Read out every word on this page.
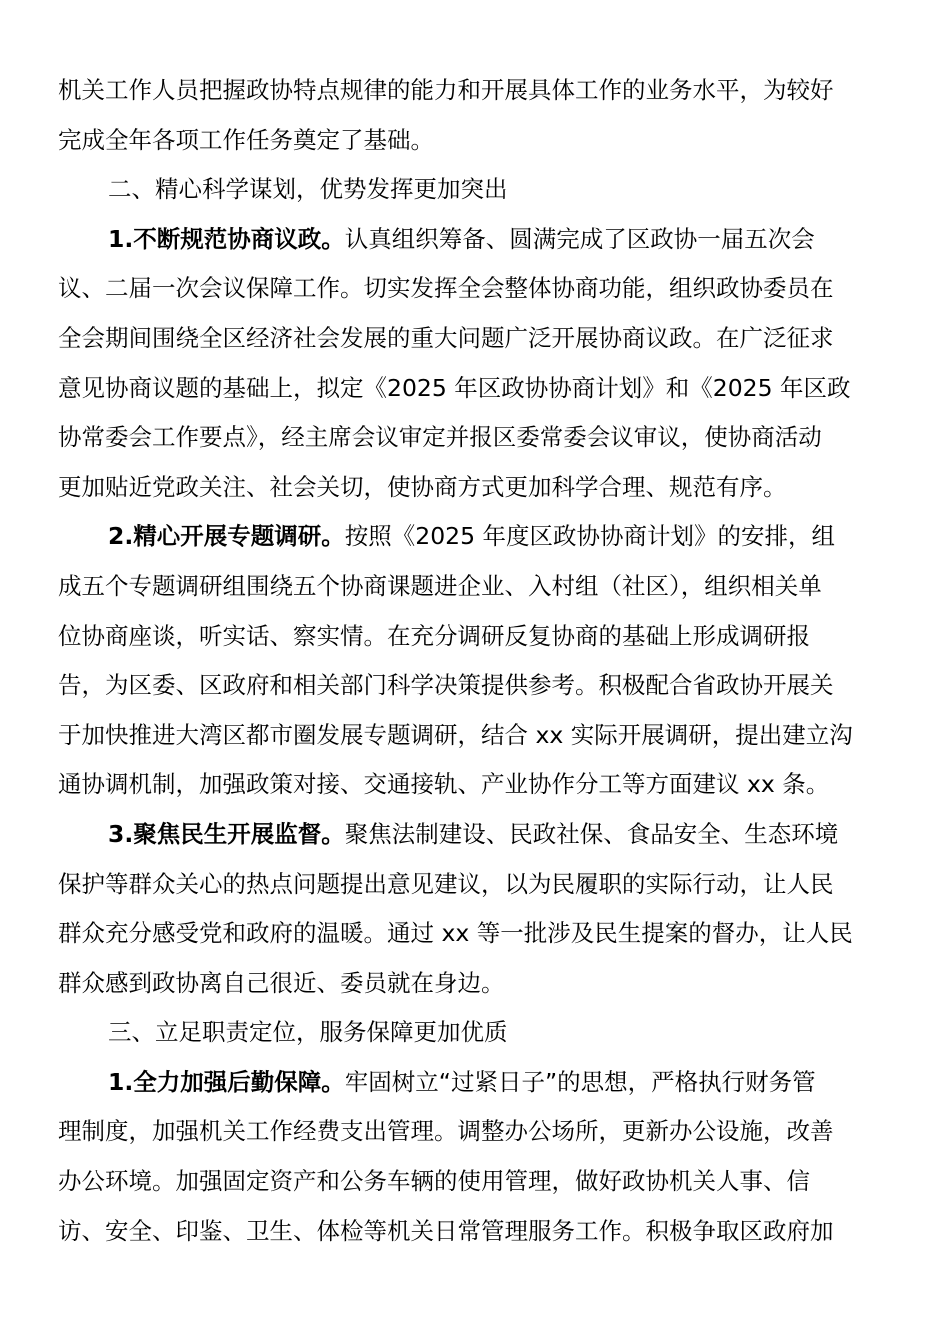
机关工作人员把握政协特点规律的能力和开展具体工作的业务水平，为较好
完成全年各项工作任务奠定了基础。
二、精心科学谋划，优势发挥更加突出
1.不断规范协商议政。认真组织筹备、圆满完成了区政协一届五次会
议、二届一次会议保障工作。切实发挥全会整体协商功能，组织政协委员在
全会期间围绕全区经济社会发展的重大问题广泛开展协商议政。在广泛征求
意见协商议题的基础上，拟定《2025 年区政协协商计划》和《2025 年区政
协常委会工作要点》，经主席会议审定并报区委常委会议审议，使协商活动
更加贴近党政关注、社会关切，使协商方式更加科学合理、规范有序。
2.精心开展专题调研。按照《2025 年度区政协协商计划》的安排，组
成五个专题调研组围绕五个协商课题进企业、入村组（社区），组织相关单
位协商座谈，听实话、察实情。在充分调研反复协商的基础上形成调研报
告，为区委、区政府和相关部门科学决策提供参考。积极配合省政协开展关
于加快推进大湾区都市圈发展专题调研，结合 xx 实际开展调研，提出建立沟
通协调机制，加强政策对接、交通接轨、产业协作分工等方面建议 xx 条。
3.聚焦民生开展监督。聚焦法制建设、民政社保、食品安全、生态环境
保护等群众关心的热点问题提出意见建议，以为民履职的实际行动，让人民
群众充分感受党和政府的温暖。通过 xx 等一批涉及民生提案的督办，让人民
群众感到政协离自己很近、委员就在身边。
三、立足职责定位，服务保障更加优质
1.全力加强后勤保障。牢固树立“过紧日子”的思想，严格执行财务管
理制度，加强机关工作经费支出管理。调整办公场所，更新办公设施，改善
办公环境。加强固定资产和公务车辆的使用管理，做好政协机关人事、信
访、安全、印鉴、卫生、体检等机关日常管理服务工作。积极争取区政府加
